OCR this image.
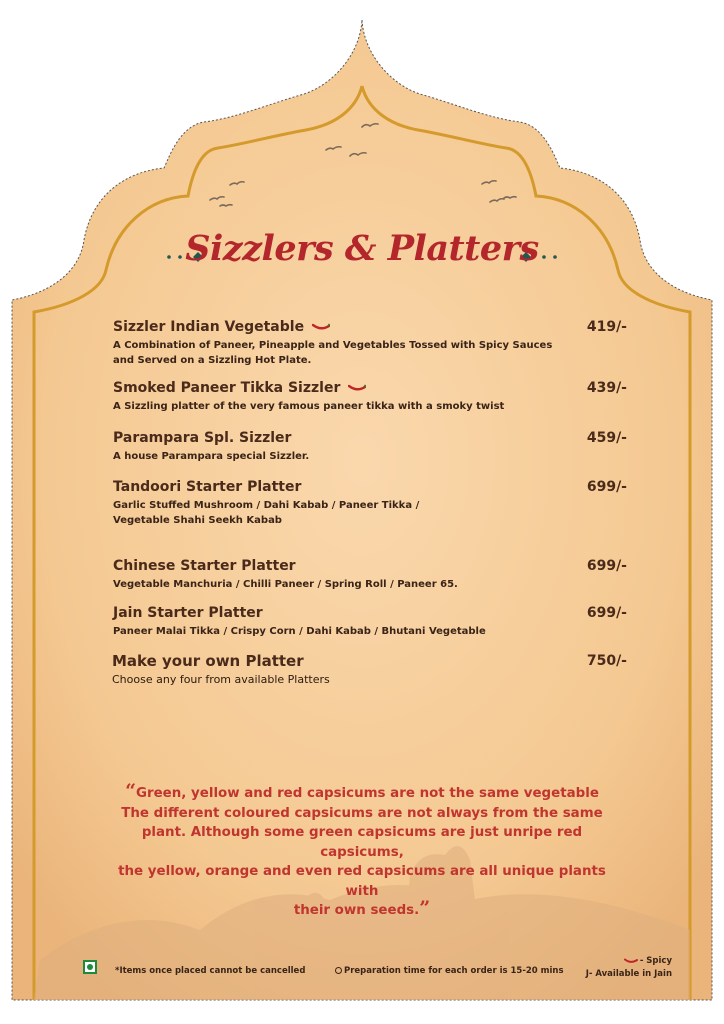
Sizzlers & Platters
Sizzler Indian Vegetable
A Combination of Paneer, Pineapple and Vegetables Tossed with Spicy Sauces and Served on a Sizzling Hot Plate.
419/-
Smoked Paneer Tikka Sizzler
A Sizzling platter of the very famous paneer tikka with a smoky twist
439/-
Parampara Spl. Sizzler
A house Parampara special Sizzler.
459/-
Tandoori Starter Platter
Garlic Stuffed Mushroom / Dahi Kabab / Paneer Tikka / Vegetable Shahi Seekh Kabab
699/-
Chinese Starter Platter
Vegetable Manchuria / Chilli Paneer / Spring Roll / Paneer 65.
699/-
Jain Starter Platter
Paneer Malai Tikka / Crispy Corn / Dahi Kabab / Bhutani Vegetable
699/-
Make your own Platter
Choose any four from available Platters
750/-
“Green, yellow and red capsicums are not the same vegetable
The different coloured capsicums are not always from the same
plant. Although some green capsicums are just unripe red capsicums,
the yellow, orange and even red capsicums are all unique plants with
their own seeds.”
*Items once placed cannot be cancelled	Preparation time for each order is 15-20 mins
- Spicy
J- Available in Jain
